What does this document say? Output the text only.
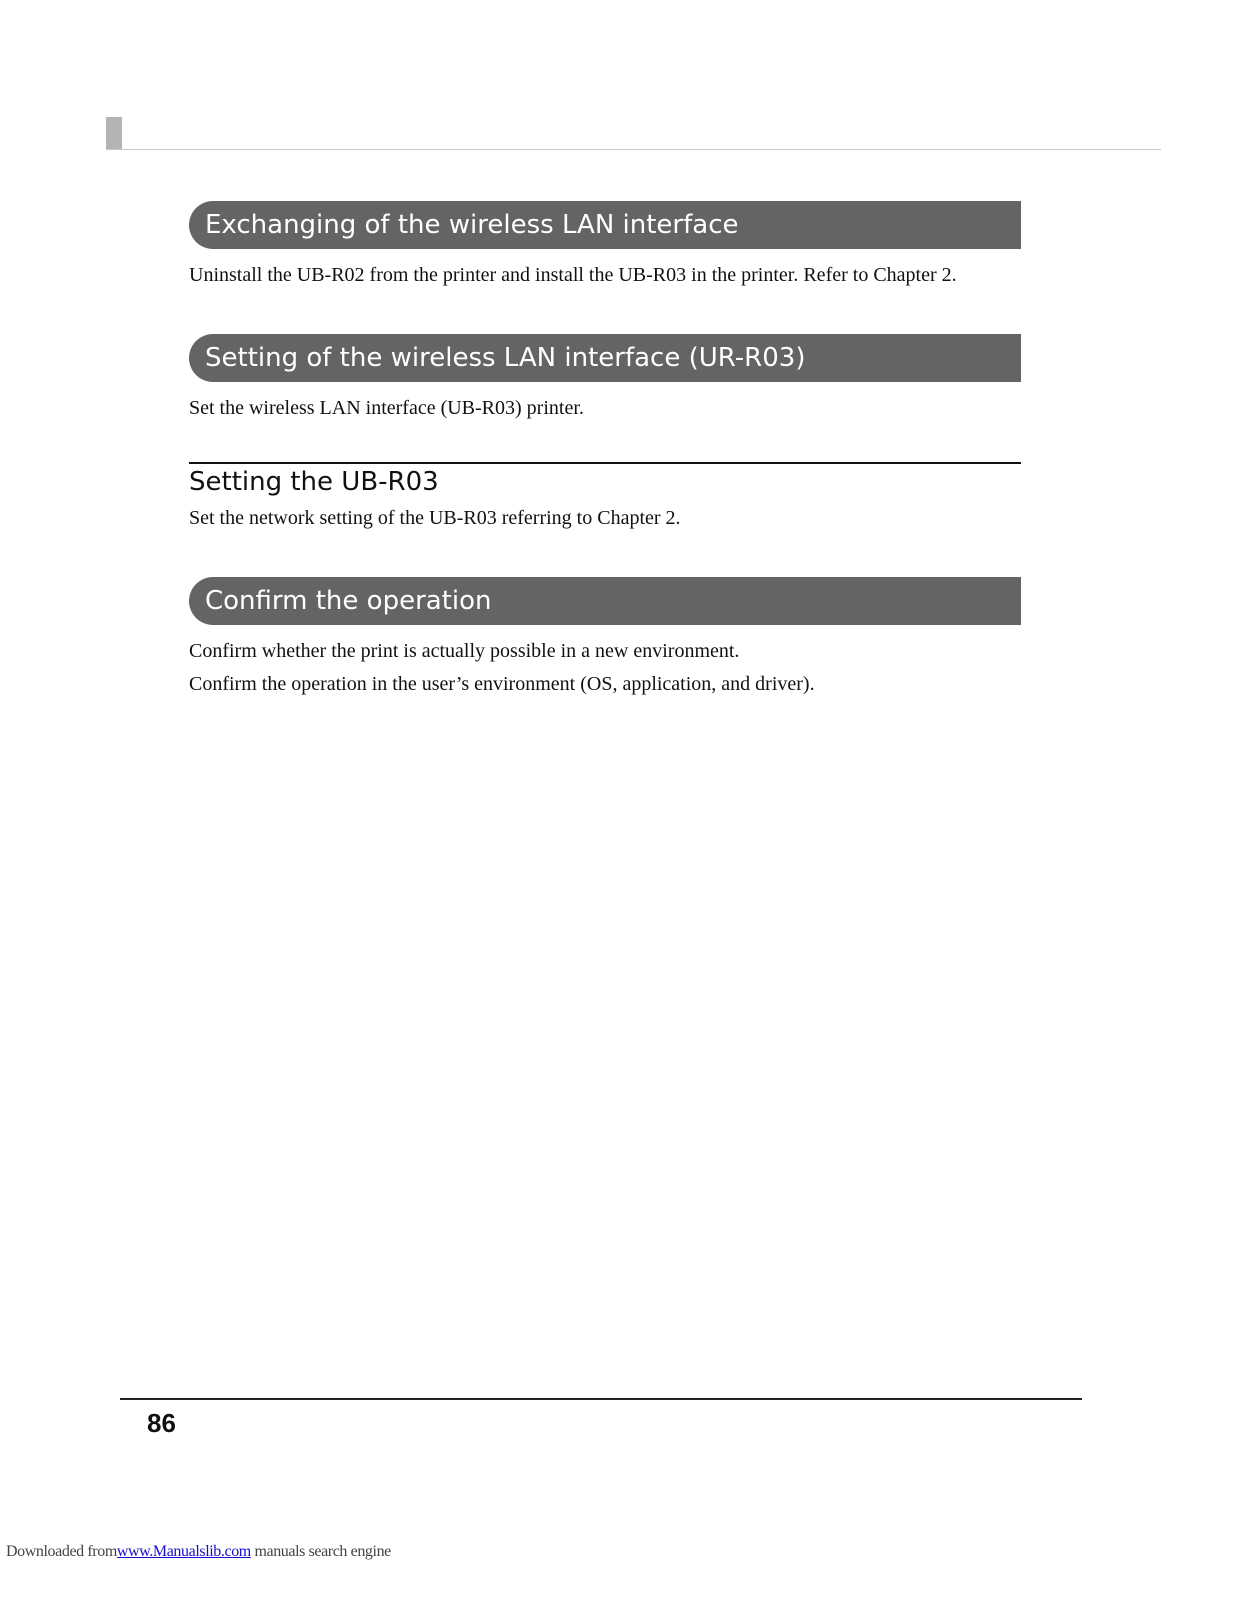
Exchanging of the wireless LAN interface
Uninstall the UB-R02 from the printer and install the UB-R03 in the printer. Refer to Chapter 2.
Setting of the wireless LAN interface (UR-R03)
Set the wireless LAN interface (UB-R03) printer.
Setting the UB-R03
Set the network setting of the UB-R03 referring to Chapter 2.
Confirm the operation
Confirm whether the print is actually possible in a new environment.
Confirm the operation in the user’s environment (OS, application, and driver).
86
Downloaded fromwww.Manualslib.com manuals search engine
